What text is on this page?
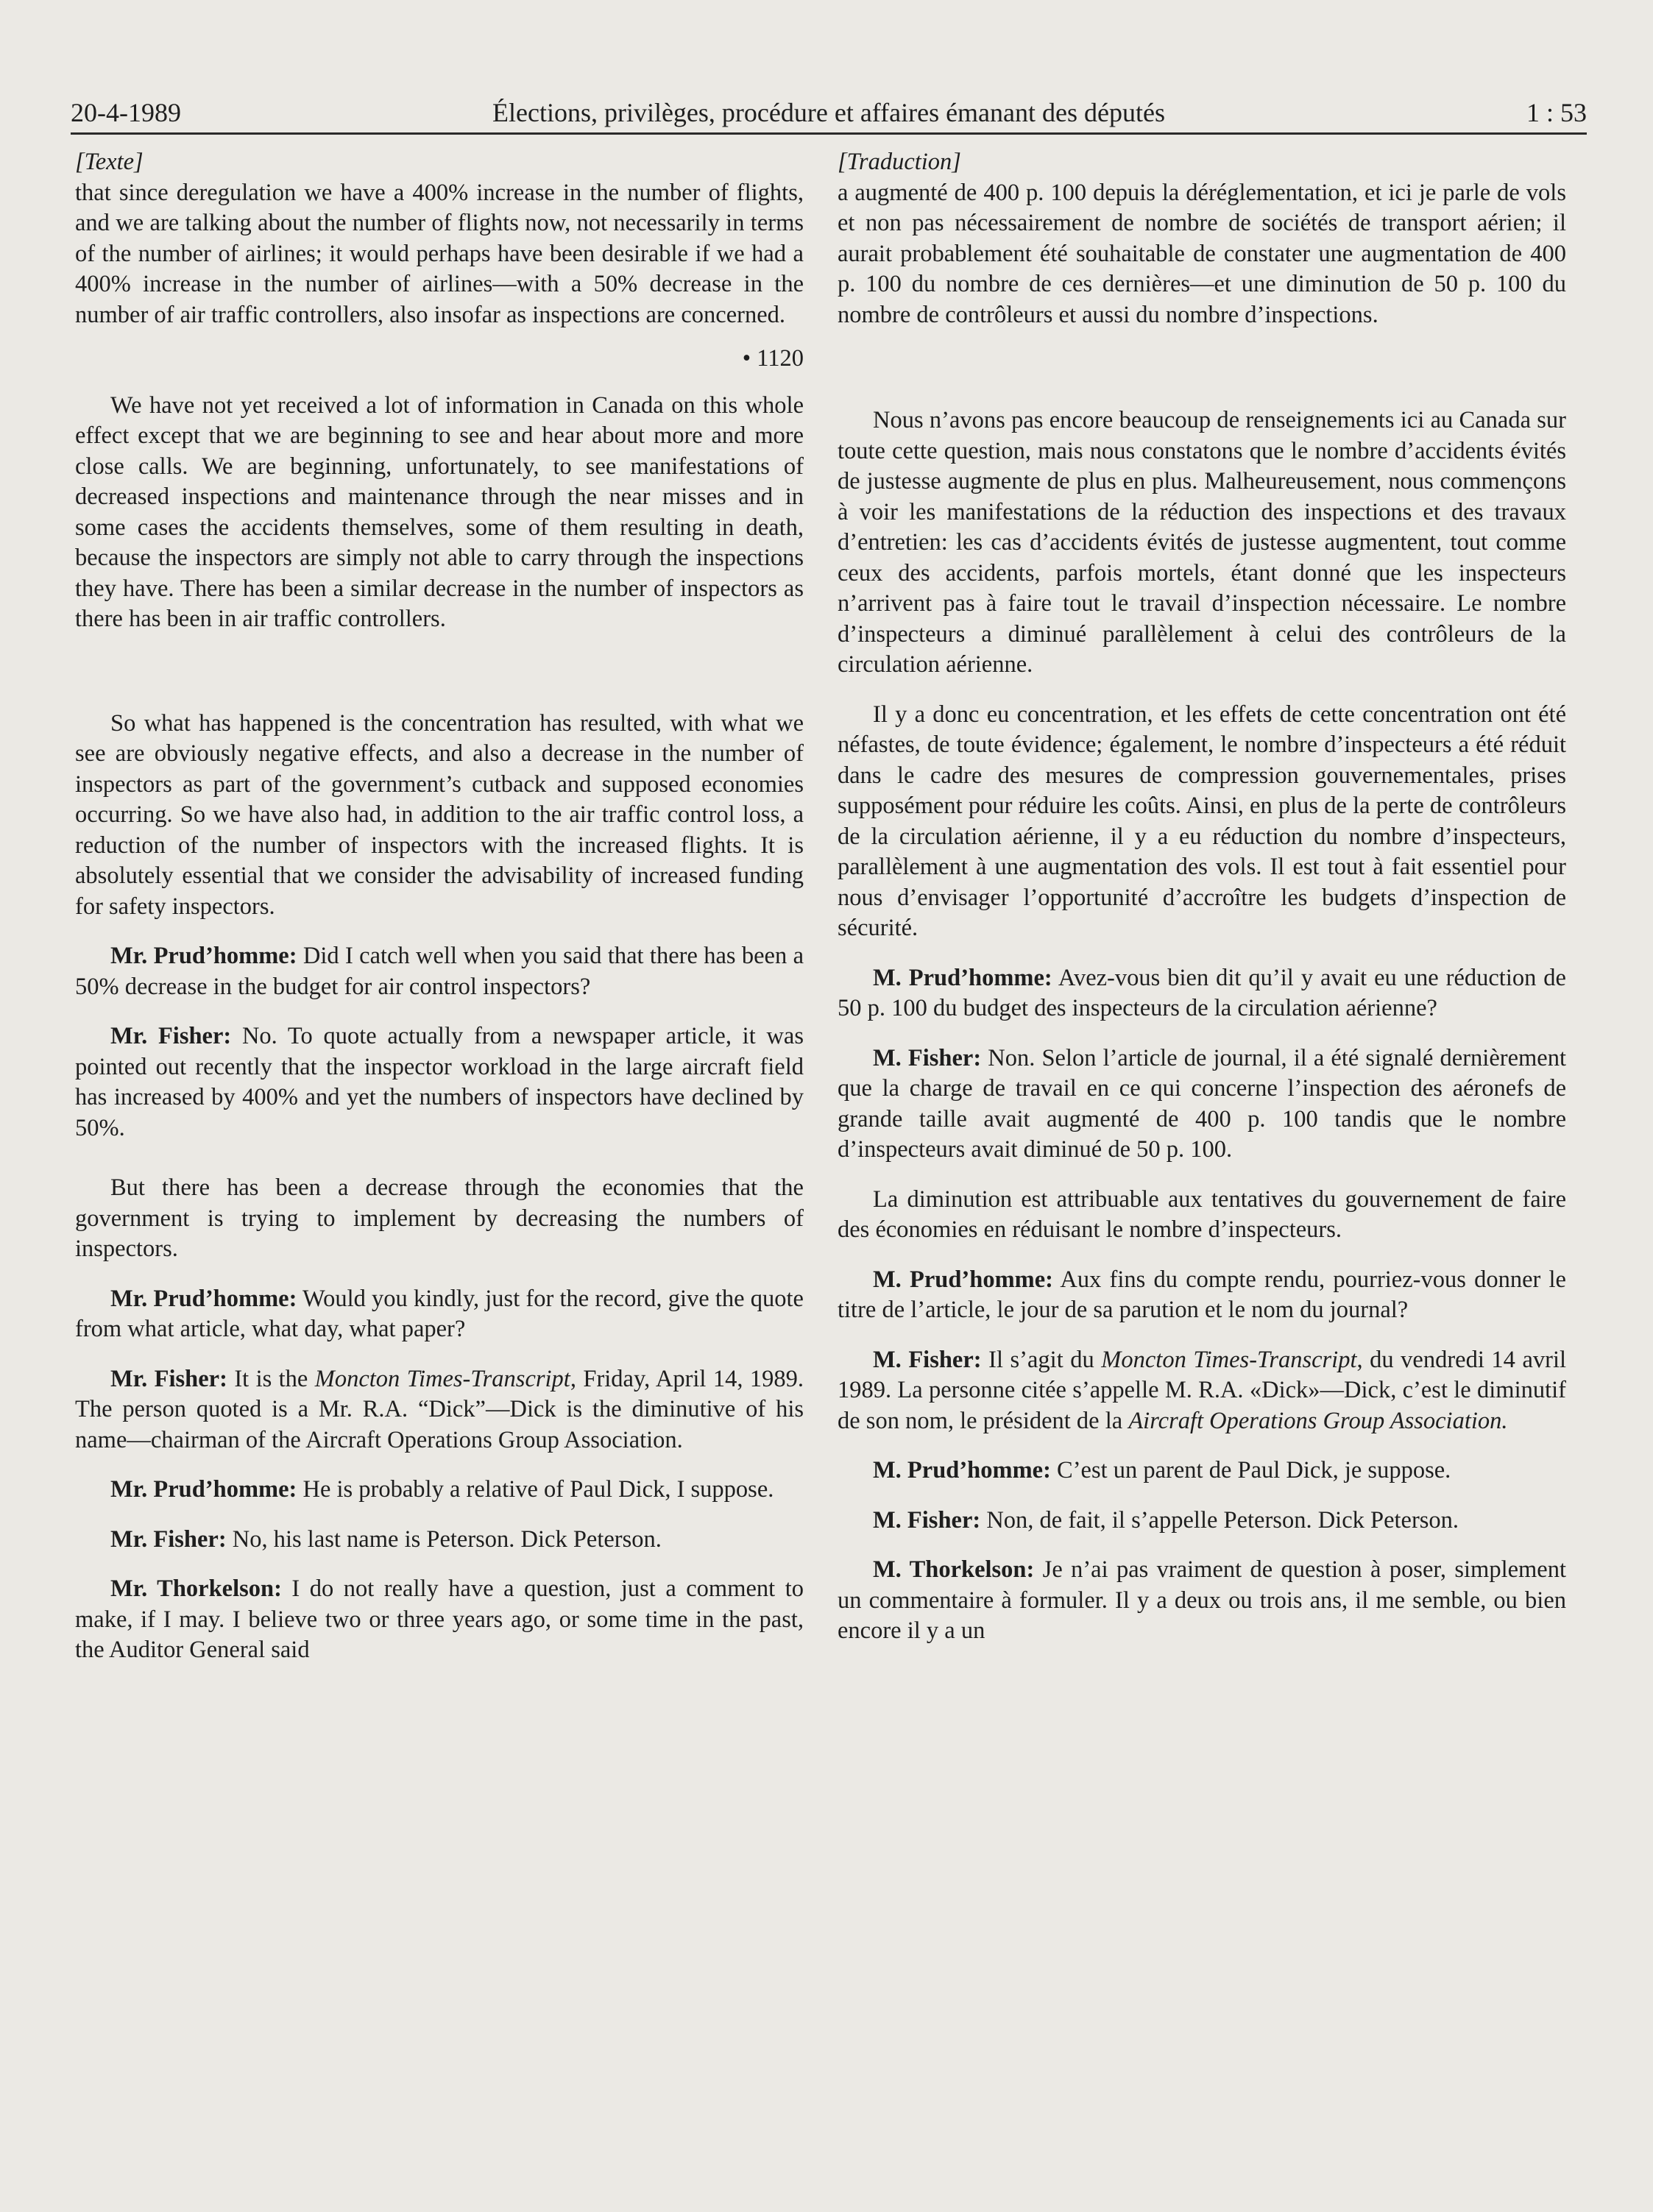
20-4-1989	Élections, privilèges, procédure et affaires émanant des députés	1 : 53

[Texte]

that since deregulation we have a 400% increase in the number of flights, and we are talking about the number of flights now, not necessarily in terms of the number of airlines; it would perhaps have been desirable if we had a 400% increase in the number of airlines—with a 50% decrease in the number of air traffic controllers, also insofar as inspections are concerned.

• 1120

We have not yet received a lot of information in Canada on this whole effect except that we are beginning to see and hear about more and more close calls. We are beginning, unfortunately, to see manifestations of decreased inspections and maintenance through the near misses and in some cases the accidents themselves, some of them resulting in death, because the inspectors are simply not able to carry through the inspections they have. There has been a similar decrease in the number of inspectors as there has been in air traffic controllers.

So what has happened is the concentration has resulted, with what we see are obviously negative effects, and also a decrease in the number of inspectors as part of the government’s cutback and supposed economies occurring. So we have also had, in addition to the air traffic control loss, a reduction of the number of inspectors with the increased flights. It is absolutely essential that we consider the advisability of increased funding for safety inspectors.

Mr. Prud’homme: Did I catch well when you said that there has been a 50% decrease in the budget for air control inspectors?

Mr. Fisher: No. To quote actually from a newspaper article, it was pointed out recently that the inspector workload in the large aircraft field has increased by 400% and yet the numbers of inspectors have declined by 50%.

But there has been a decrease through the economies that the government is trying to implement by decreasing the numbers of inspectors.

Mr. Prud’homme: Would you kindly, just for the record, give the quote from what article, what day, what paper?

Mr. Fisher: It is the Moncton Times-Transcript, Friday, April 14, 1989. The person quoted is a Mr. R.A. “Dick”—Dick is the diminutive of his name—chairman of the Aircraft Operations Group Association.

Mr. Prud’homme: He is probably a relative of Paul Dick, I suppose.

Mr. Fisher: No, his last name is Peterson. Dick Peterson.

Mr. Thorkelson: I do not really have a question, just a comment to make, if I may. I believe two or three years ago, or some time in the past, the Auditor General said

[Traduction]

a augmenté de 400 p. 100 depuis la déréglementation, et ici je parle de vols et non pas nécessairement de nombre de sociétés de transport aérien; il aurait probablement été souhaitable de constater une augmentation de 400 p. 100 du nombre de ces dernières—et une diminution de 50 p. 100 du nombre de contrôleurs et aussi du nombre d’inspections.

Nous n’avons pas encore beaucoup de renseignements ici au Canada sur toute cette question, mais nous constatons que le nombre d’accidents évités de justesse augmente de plus en plus. Malheureusement, nous commençons à voir les manifestations de la réduction des inspections et des travaux d’entretien: les cas d’accidents évités de justesse augmentent, tout comme ceux des accidents, parfois mortels, étant donné que les inspecteurs n’arrivent pas à faire tout le travail d’inspection nécessaire. Le nombre d’inspecteurs a diminué parallèlement à celui des contrôleurs de la circulation aérienne.

Il y a donc eu concentration, et les effets de cette concentration ont été néfastes, de toute évidence; également, le nombre d’inspecteurs a été réduit dans le cadre des mesures de compression gouvernementales, prises supposément pour réduire les coûts. Ainsi, en plus de la perte de contrôleurs de la circulation aérienne, il y a eu réduction du nombre d’inspecteurs, parallèlement à une augmentation des vols. Il est tout à fait essentiel pour nous d’envisager l’opportunité d’accroître les budgets d’inspection de sécurité.

M. Prud’homme: Avez-vous bien dit qu’il y avait eu une réduction de 50 p. 100 du budget des inspecteurs de la circulation aérienne?

M. Fisher: Non. Selon l’article de journal, il a été signalé dernièrement que la charge de travail en ce qui concerne l’inspection des aéronefs de grande taille avait augmenté de 400 p. 100 tandis que le nombre d’inspecteurs avait diminué de 50 p. 100.

La diminution est attribuable aux tentatives du gouvernement de faire des économies en réduisant le nombre d’inspecteurs.

M. Prud’homme: Aux fins du compte rendu, pourriez-vous donner le titre de l’article, le jour de sa parution et le nom du journal?

M. Fisher: Il s’agit du Moncton Times-Transcript, du vendredi 14 avril 1989. La personne citée s’appelle M. R.A. «Dick»—Dick, c’est le diminutif de son nom, le président de la Aircraft Operations Group Association.

M. Prud’homme: C’est un parent de Paul Dick, je suppose.

M. Fisher: Non, de fait, il s’appelle Peterson. Dick Peterson.

M. Thorkelson: Je n’ai pas vraiment de question à poser, simplement un commentaire à formuler. Il y a deux ou trois ans, il me semble, ou bien encore il y a un
